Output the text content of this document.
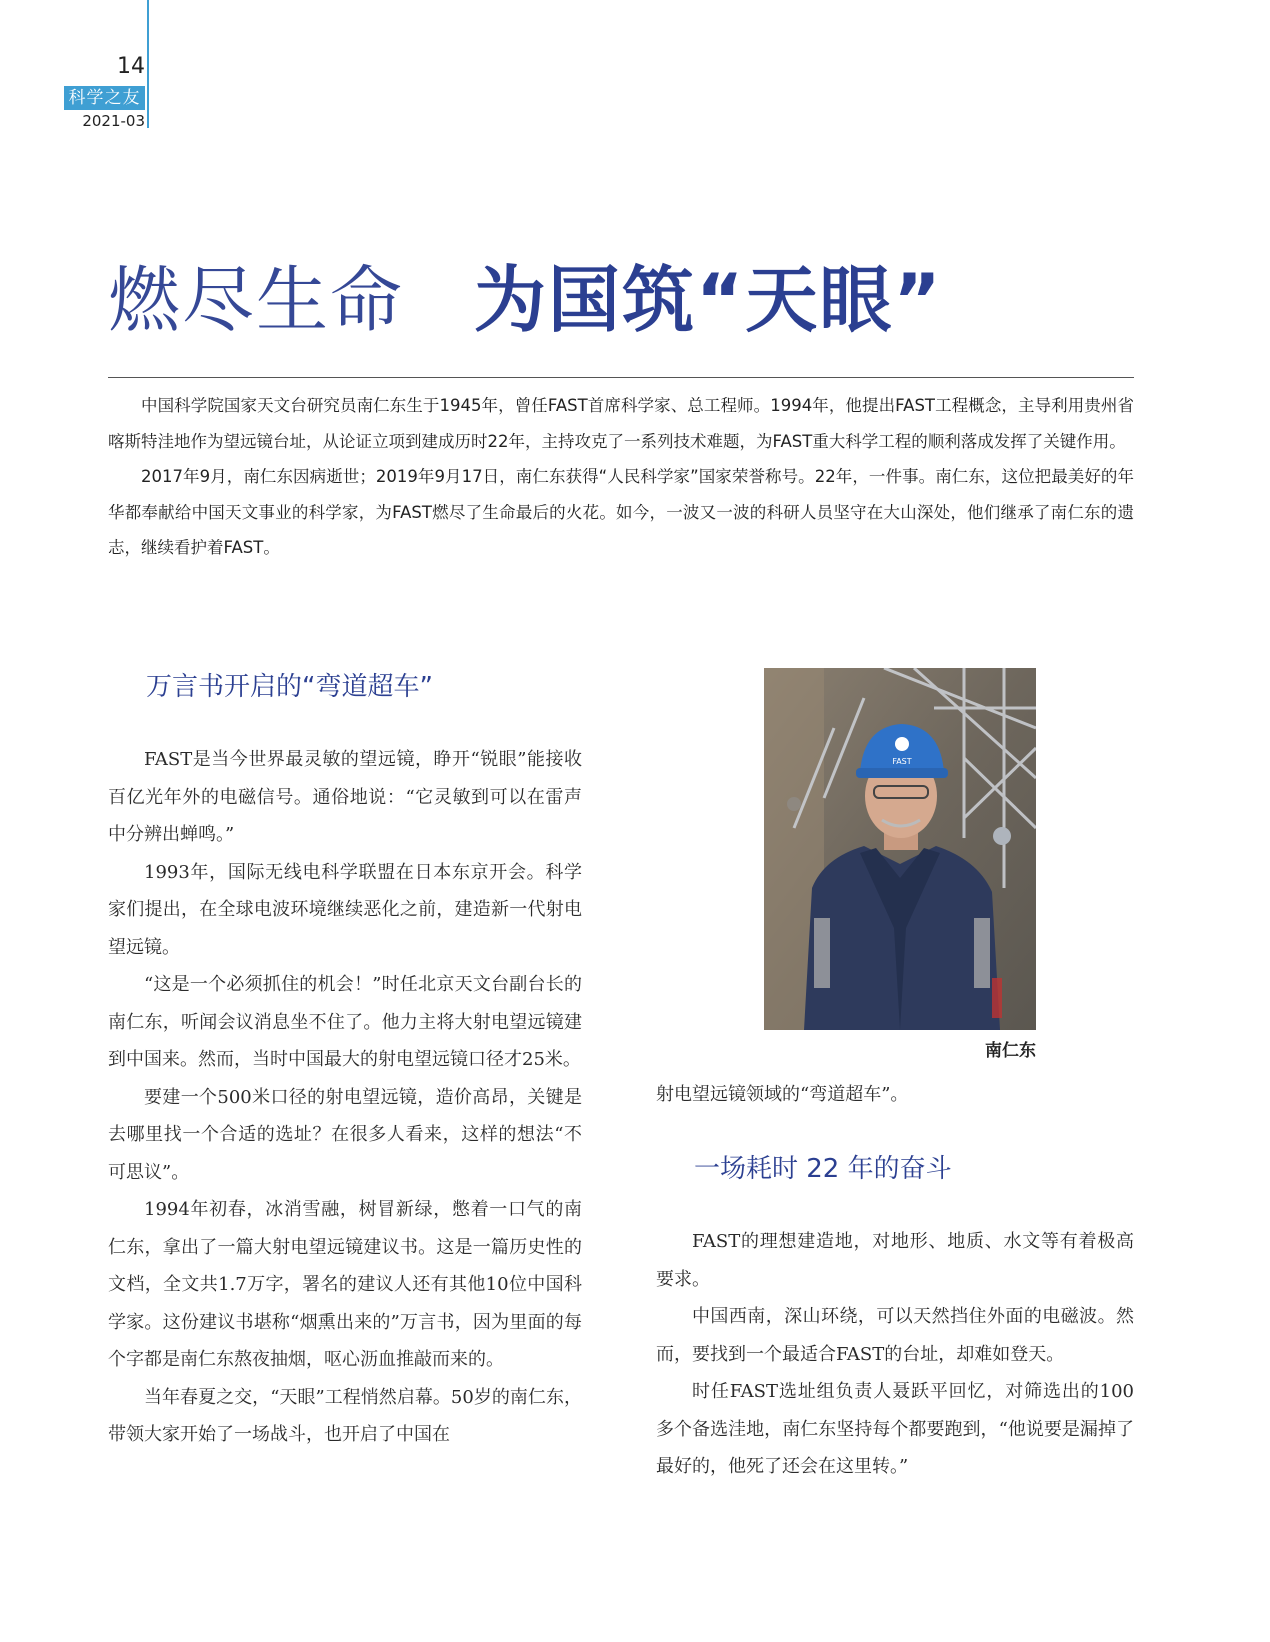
14
科学之友
2021-03
燃尽生命 为国筑“天眼”

中国科学院国家天文台研究员南仁东生于1945年，曾任FAST首席科学家、总工程师。1994年，他提出FAST工程概念，主导利用贵州省喀斯特洼地作为望远镜台址，从论证立项到建成历时22年，主持攻克了一系列技术难题，为FAST重大科学工程的顺利落成发挥了关键作用。

2017年9月，南仁东因病逝世；2019年9月17日，南仁东获得“人民科学家”国家荣誉称号。22年，一件事。南仁东，这位把最美好的年华都奉献给中国天文事业的科学家，为FAST燃尽了生命最后的火花。如今，一波又一波的科研人员坚守在大山深处，他们继承了南仁东的遗志，继续看护着FAST。

万言书开启的“弯道超车”

FAST是当今世界最灵敏的望远镜，睁开“锐眼”能接收百亿光年外的电磁信号。通俗地说：“它灵敏到可以在雷声中分辨出蝉鸣。”

1993年，国际无线电科学联盟在日本东京开会。科学家们提出，在全球电波环境继续恶化之前，建造新一代射电望远镜。

“这是一个必须抓住的机会！”时任北京天文台副台长的南仁东，听闻会议消息坐不住了。他力主将大射电望远镜建到中国来。然而，当时中国最大的射电望远镜口径才25米。

要建一个500米口径的射电望远镜，造价高昂，关键是去哪里找一个合适的选址？在很多人看来，这样的想法“不可思议”。

1994年初春，冰消雪融，树冒新绿，憋着一口气的南仁东，拿出了一篇大射电望远镜建议书。这是一篇历史性的文档，全文共1.7万字，署名的建议人还有其他10位中国科学家。这份建议书堪称“烟熏出来的”万言书，因为里面的每个字都是南仁东熬夜抽烟，呕心沥血推敲而来的。

当年春夏之交，“天眼”工程悄然启幕。50岁的南仁东，带领大家开始了一场战斗，也开启了中国在

FAST
南仁东

射电望远镜领域的“弯道超车”。

一场耗时 22 年的奋斗

FAST的理想建造地，对地形、地质、水文等有着极高要求。

中国西南，深山环绕，可以天然挡住外面的电磁波。然而，要找到一个最适合FAST的台址，却难如登天。

时任FAST选址组负责人聂跃平回忆，对筛选出的100多个备选洼地，南仁东坚持每个都要跑到，“他说要是漏掉了最好的，他死了还会在这里转。”
